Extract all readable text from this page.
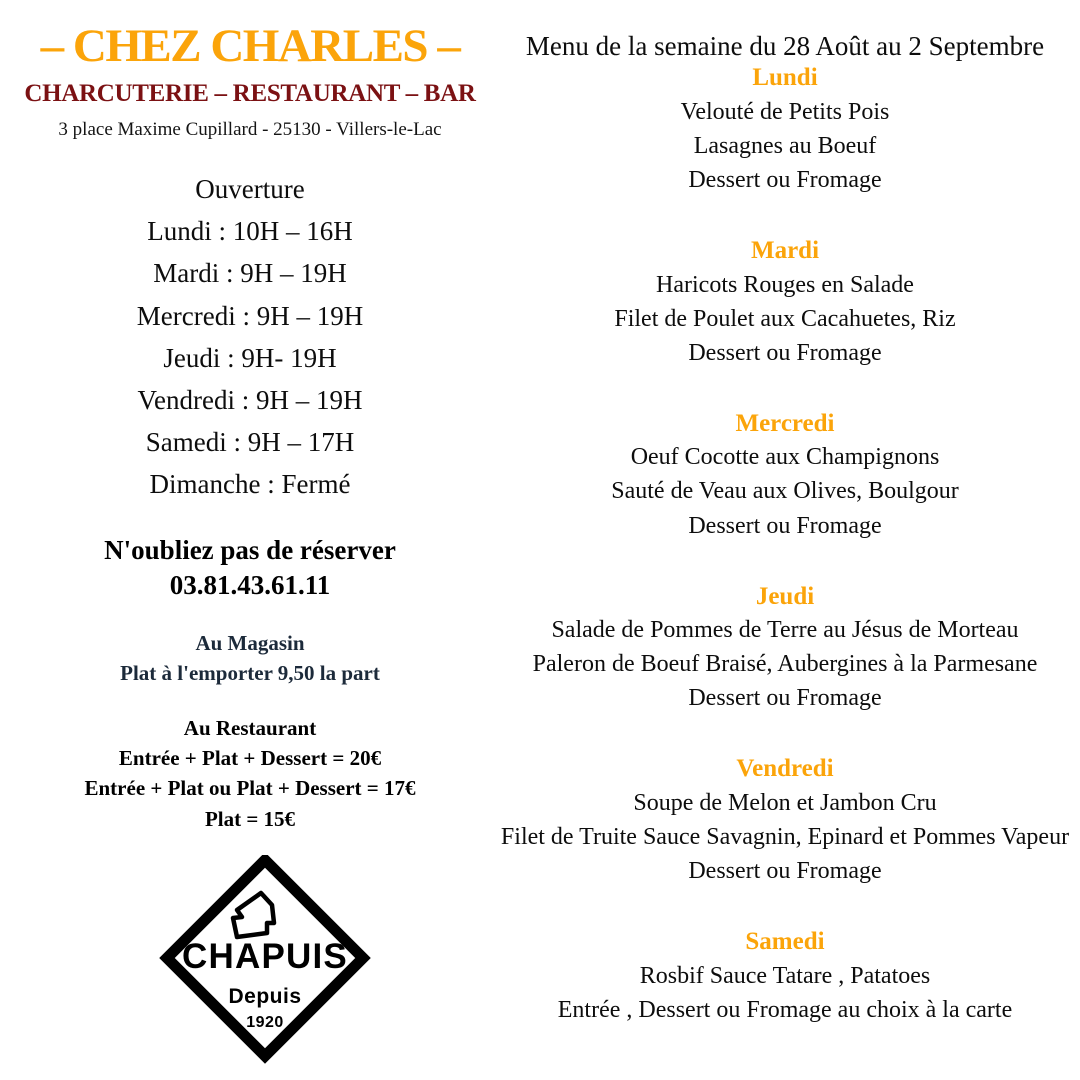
– CHEZ CHARLES –
CHARCUTERIE – RESTAURANT – BAR
3 place Maxime Cupillard - 25130 - Villers-le-Lac
Ouverture
Lundi : 10H – 16H
Mardi : 9H – 19H
Mercredi : 9H – 19H
Jeudi : 9H- 19H
Vendredi : 9H – 19H
Samedi : 9H – 17H
Dimanche : Fermé
N'oubliez pas de réserver
03.81.43.61.11
Au Magasin
Plat à l'emporter 9,50 la part
Au Restaurant
Entrée + Plat + Dessert = 20€
Entrée + Plat ou Plat + Dessert = 17€
Plat = 15€
CHAPUIS
Depuis
1920
Menu de la semaine du 28 Août au 2 Septembre
Lundi
Velouté de Petits Pois
Lasagnes au Boeuf
Dessert ou Fromage
Mardi
Haricots Rouges en Salade
Filet de Poulet aux Cacahuetes, Riz
Dessert ou Fromage
Mercredi
Oeuf Cocotte aux Champignons
Sauté de Veau aux Olives, Boulgour
Dessert ou Fromage
Jeudi
Salade de Pommes de Terre au Jésus de Morteau
Paleron de Boeuf Braisé, Aubergines à la Parmesane
Dessert ou Fromage
Vendredi
Soupe de Melon et Jambon Cru
Filet de Truite Sauce Savagnin, Epinard et Pommes Vapeur
Dessert ou Fromage
Samedi
Rosbif Sauce Tatare , Patatoes
Entrée , Dessert ou Fromage au choix à la carte
